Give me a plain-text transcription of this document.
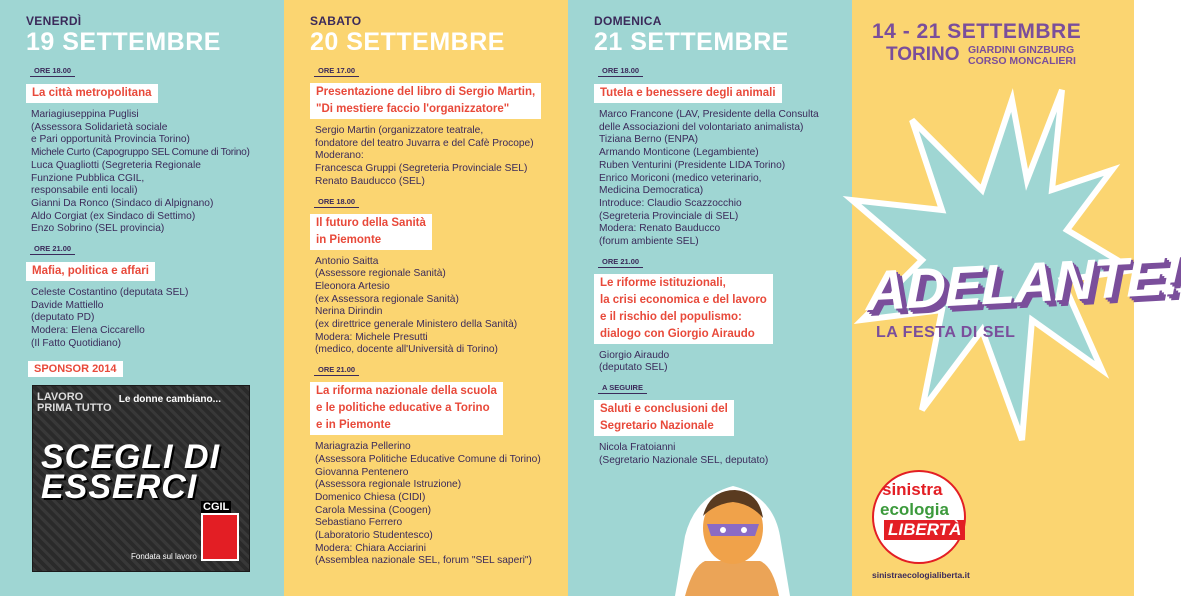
VENERDÌ
19 SETTEMBRE
ORE 18.00

La città metropolitana
Mariagiuseppina Puglisi
(Assessora Solidarietà sociale
e Pari opportunità Provincia Torino)
Michele Curto (Capogruppo SEL Comune di Torino)
Luca Quagliotti (Segreteria Regionale
Funzione Pubblica CGIL,
responsabile enti locali)
Gianni Da Ronco (Sindaco di Alpignano)
Aldo Corgiat (ex Sindaco di Settimo)
Enzo Sobrino (SEL provincia)
ORE 21.00

Mafia, politica e affari
Celeste Costantino (deputata SEL)
Davide Mattiello
(deputato PD)
Modera: Elena Ciccarello
(Il Fatto Quotidiano)
SPONSOR 2014
LAVORO PRIMA TUTTO
Le donne cambiano...
SCEGLI DI
ESSERCI
CGIL
Fondata sul lavoro
SABATO
20 SETTEMBRE
ORE 17.00

Presentazione del libro di Sergio Martin,
"Di mestiere faccio l'organizzatore"
Sergio Martin (organizzatore teatrale,
fondatore del teatro Juvarra e del Cafè Procope)
Moderano:
Francesca Gruppi (Segreteria Provinciale SEL)
Renato Bauducco (SEL)
ORE 18.00

Il futuro della Sanità
in Piemonte
Antonio Saitta
(Assessore regionale Sanità)
Eleonora Artesio
(ex Assessora regionale Sanità)
Nerina Dirindin
(ex direttrice generale Ministero della Sanità)
Modera: Michele Presutti
(medico, docente all'Università di Torino)
ORE 21.00

La riforma nazionale della scuola
e le politiche educative a Torino
e in Piemonte
Mariagrazia Pellerino
(Assessora Politiche Educative Comune di Torino)
Giovanna Pentenero
(Assessora regionale Istruzione)
Domenico Chiesa (CIDI)
Carola Messina (Coogen)
Sebastiano Ferrero
(Laboratorio Studentesco)
Modera: Chiara Acciarini
(Assemblea nazionale SEL, forum "SEL saperi")
DOMENICA
21 SETTEMBRE
ORE 18.00

Tutela e benessere degli animali
Marco Francone (LAV, Presidente della Consulta
delle Associazioni del volontariato animalista)
Tiziana Berno (ENPA)
Armando Monticone (Legambiente)
Ruben Venturini (Presidente LIDA Torino)
Enrico Moriconi (medico veterinario,
Medicina Democratica)
Introduce: Claudio Scazzocchio
(Segreteria Provinciale di SEL)
Modera: Renato Bauducco
(forum ambiente SEL)
ORE 21.00

Le riforme istituzionali,
la crisi economica e del lavoro
e il rischio del populismo:
dialogo con Giorgio Airaudo
Giorgio Airaudo
(deputato SEL)
A SEGUIRE

Saluti e conclusioni del
Segretario Nazionale
Nicola Fratoianni
(Segretario Nazionale SEL, deputato)
14 - 21 SETTEMBRE
TORINO GIARDINI GINZBURG
CORSO MONCALIERI
ADELANTE!
LA FESTA DI SEL
sinistra
ecologia
LIBERTÀ
sinistraecologialiberta.it
